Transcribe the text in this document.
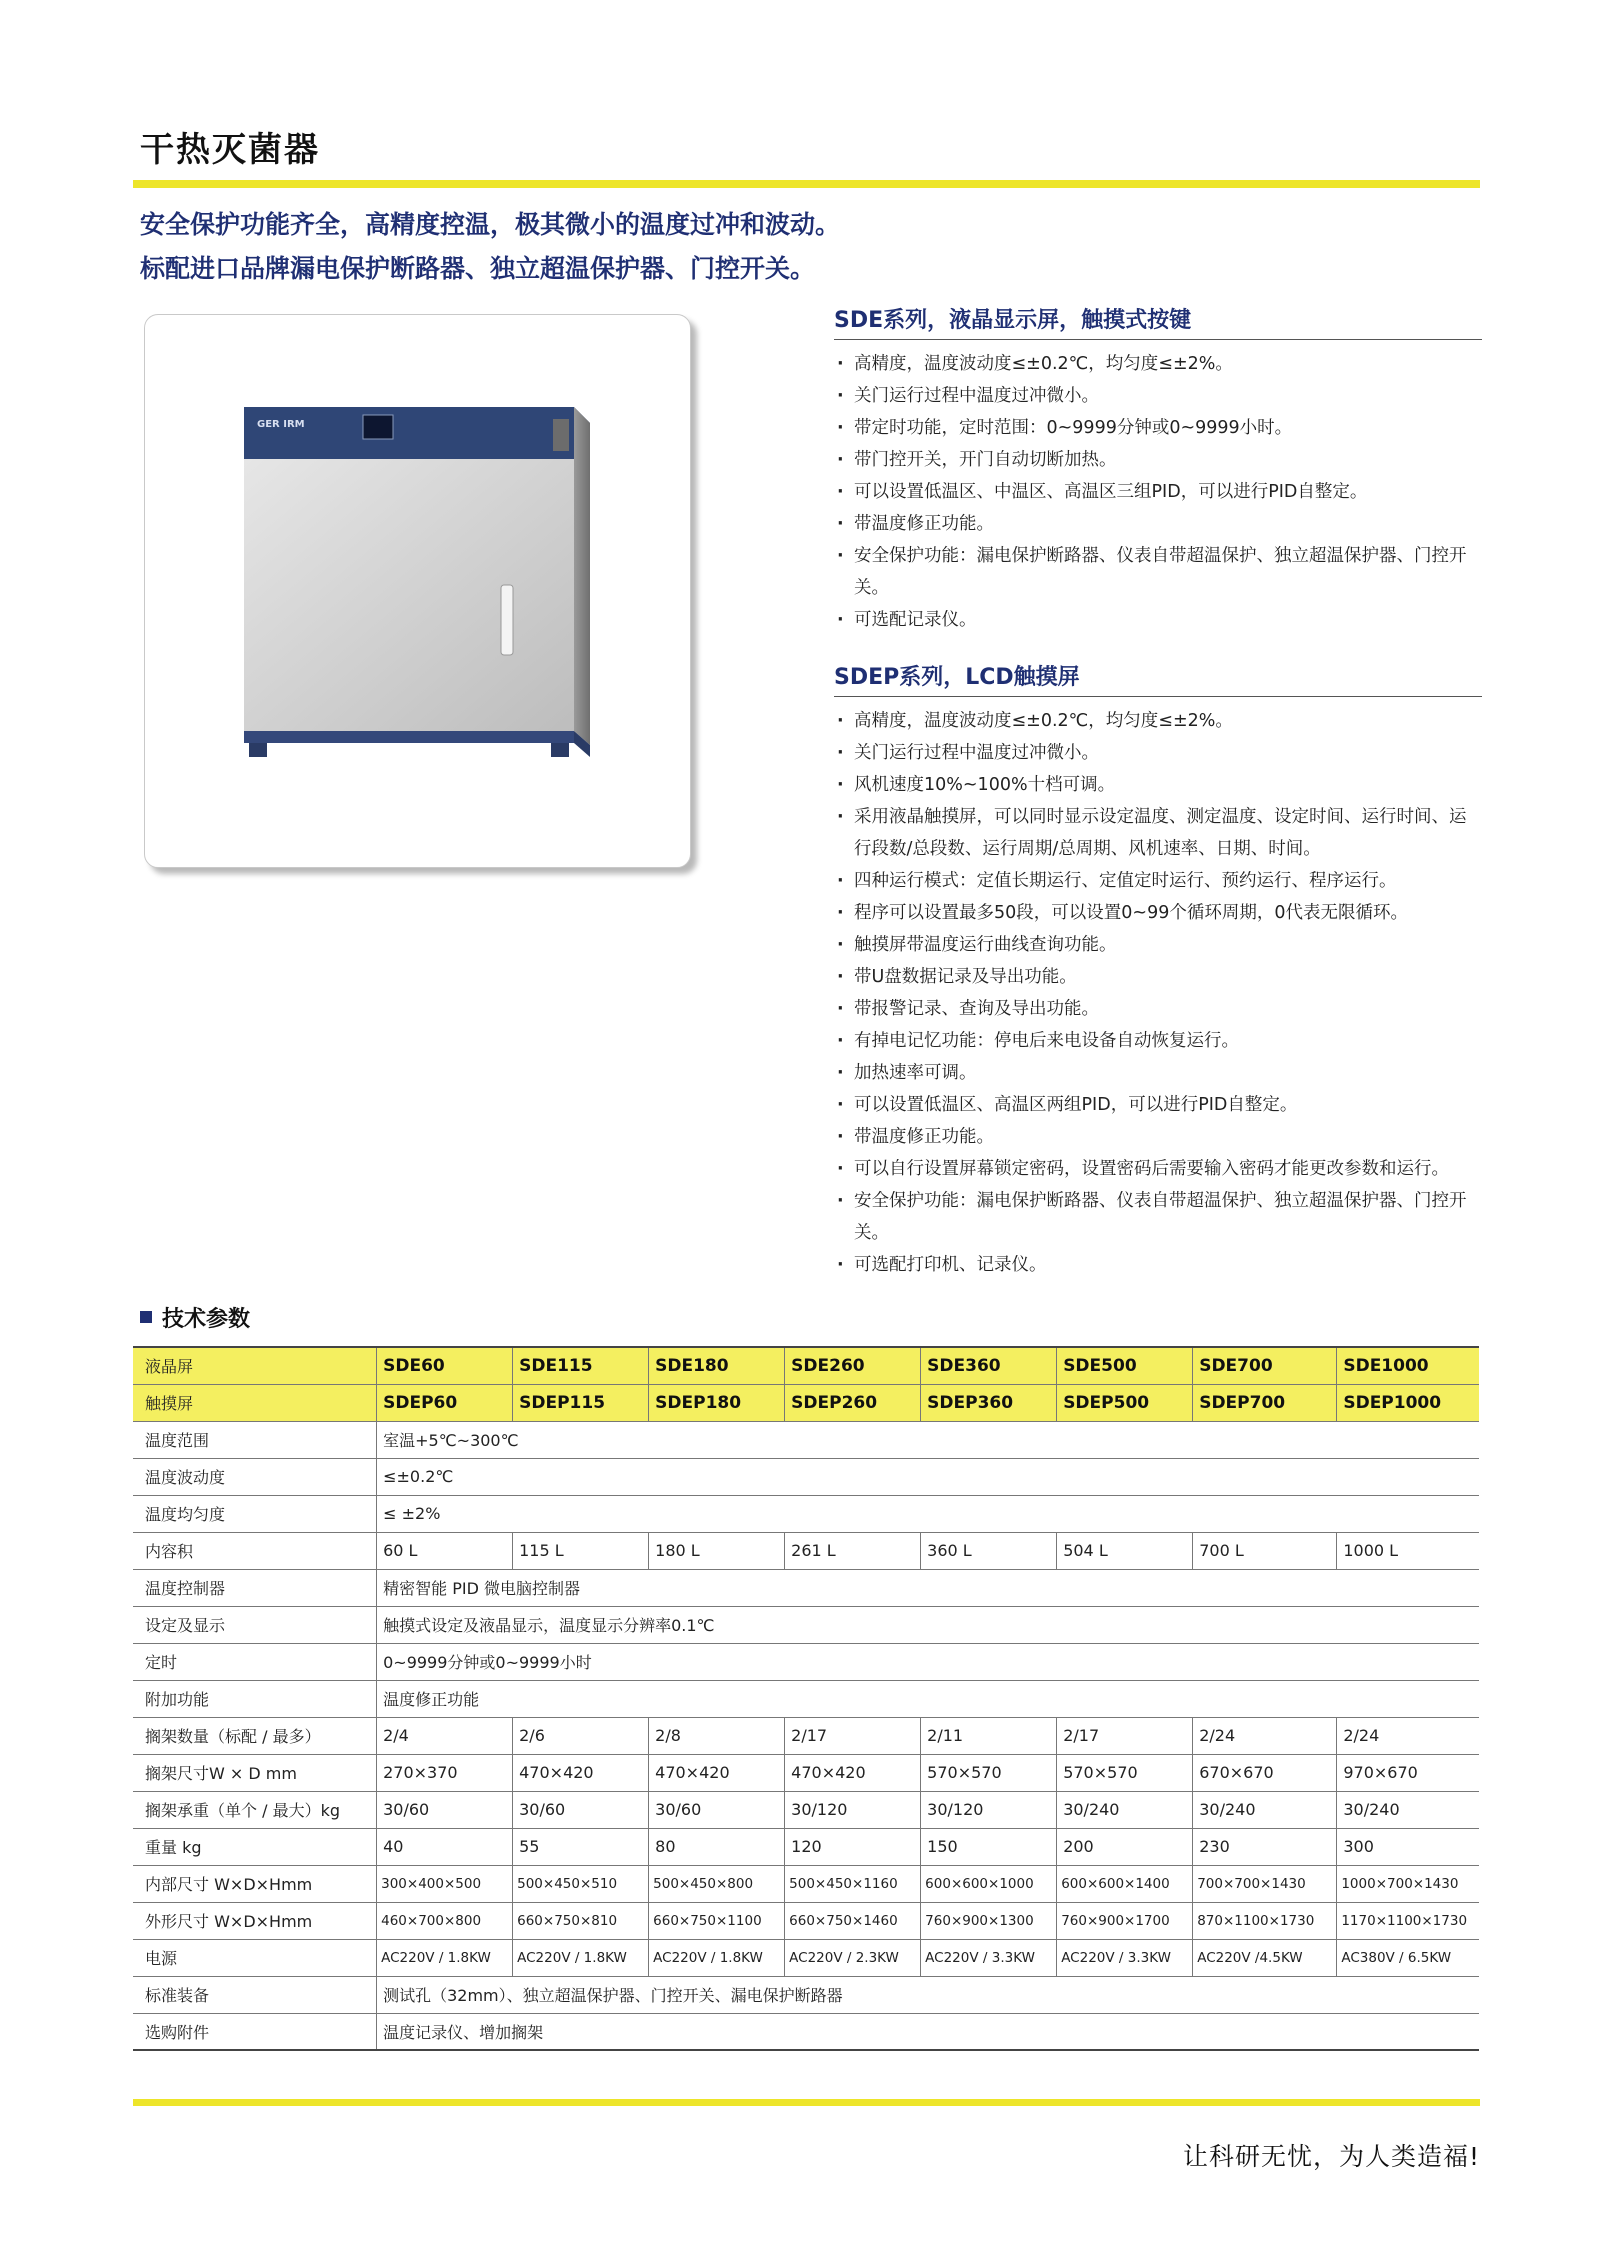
干热灭菌器
安全保护功能齐全，高精度控温，极其微小的温度过冲和波动。
标配进口品牌漏电保护断路器、独立超温保护器、门控开关。
GER IRM
SDE系列，液晶显示屏，触摸式按键
· 高精度，温度波动度≤±0.2℃，均匀度≤±2%。
· 关门运行过程中温度过冲微小。
· 带定时功能，定时范围：0~9999分钟或0~9999小时。
· 带门控开关，开门自动切断加热。
· 可以设置低温区、中温区、高温区三组PID，可以进行PID自整定。
· 带温度修正功能。
· 安全保护功能：漏电保护断路器、仪表自带超温保护、独立超温保护器、门控开关。
· 可选配记录仪。
SDEP系列，LCD触摸屏
· 高精度，温度波动度≤±0.2℃，均匀度≤±2%。
· 关门运行过程中温度过冲微小。
· 风机速度10%~100%十档可调。
· 采用液晶触摸屏，可以同时显示设定温度、测定温度、设定时间、运行时间、运行段数/总段数、运行周期/总周期、风机速率、日期、时间。
· 四种运行模式：定值长期运行、定值定时运行、预约运行、程序运行。
· 程序可以设置最多50段，可以设置0~99个循环周期，0代表无限循环。
· 触摸屏带温度运行曲线查询功能。
· 带U盘数据记录及导出功能。
· 带报警记录、查询及导出功能。
· 有掉电记忆功能：停电后来电设备自动恢复运行。
· 加热速率可调。
· 可以设置低温区、高温区两组PID，可以进行PID自整定。
· 带温度修正功能。
· 可以自行设置屏幕锁定密码，设置密码后需要输入密码才能更改参数和运行。
· 安全保护功能：漏电保护断路器、仪表自带超温保护、独立超温保护器、门控开关。
· 可选配打印机、记录仪。
技术参数
液晶屏	SDE60	SDE115	SDE180	SDE260	SDE360	SDE500	SDE700	SDE1000
触摸屏	SDEP60	SDEP115	SDEP180	SDEP260	SDEP360	SDEP500	SDEP700	SDEP1000
温度范围	室温+5℃~300℃							
温度波动度	≤±0.2℃							
温度均匀度	≤ ±2%							
内容积	60 L	115 L	180 L	261 L	360 L	504 L	700 L	1000 L
温度控制器	精密智能 PID 微电脑控制器							
设定及显示	触摸式设定及液晶显示，温度显示分辨率0.1℃							
定时	0~9999分钟或0~9999小时							
附加功能	温度修正功能							
搁架数量（标配 / 最多）	2/4	2/6	2/8	2/17	2/11	2/17	2/24	2/24
搁架尺寸W × D mm	270×370	470×420	470×420	470×420	570×570	570×570	670×670	970×670
搁架承重（单个 / 最大）kg	30/60	30/60	30/60	30/120	30/120	30/240	30/240	30/240
重量 kg	40	55	80	120	150	200	230	300
内部尺寸 W×D×Hmm	300×400×500	500×450×510	500×450×800	500×450×1160	600×600×1000	600×600×1400	700×700×1430	1000×700×1430
外形尺寸 W×D×Hmm	460×700×800	660×750×810	660×750×1100	660×750×1460	760×900×1300	760×900×1700	870×1100×1730	1170×1100×1730
电源	AC220V / 1.8KW	AC220V / 1.8KW	AC220V / 1.8KW	AC220V / 2.3KW	AC220V / 3.3KW	AC220V / 3.3KW	AC220V /4.5KW	AC380V / 6.5KW
标准装备	测试孔（32mm）、独立超温保护器、门控开关、漏电保护断路器							
选购附件	温度记录仪、增加搁架							
让科研无忧，为人类造福!
